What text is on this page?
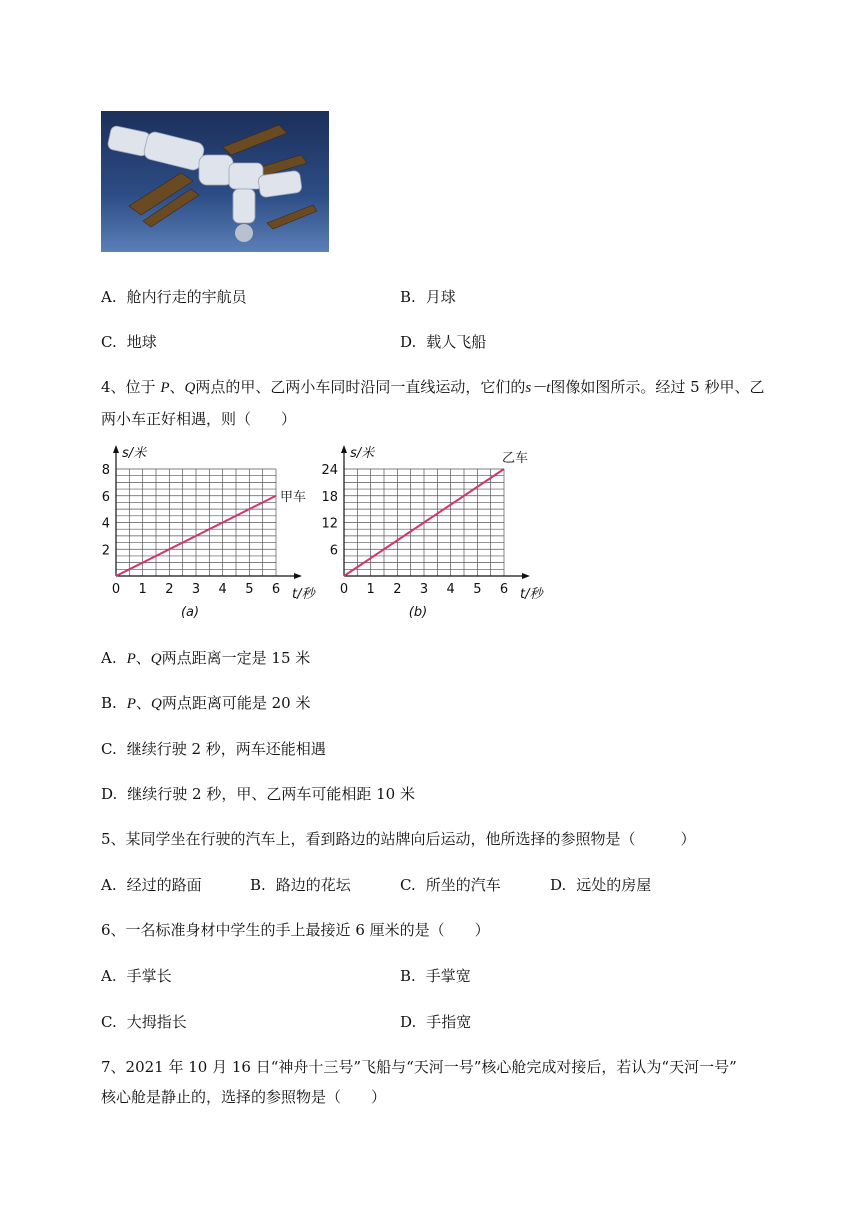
A. 舱内行走的宇航员	B. 月球
C. 地球	D. 载人飞船
4、位于 P、Q两点的甲、乙两小车同时沿同一直线运动，它们的s－t图像如图所示。经过 5 秒甲、乙
两小车正好相遇，则（　　）
0 1 2 3 4 5 6
2
4
6
8
s/米
t/秒
甲车
(a)
0 1 2 3 4 5 6
6
12
18
24
s/米
t/秒
乙车
(b)
A. P、Q两点距离一定是 15 米
B. P、Q两点距离可能是 20 米
C. 继续行驶 2 秒，两车还能相遇
D. 继续行驶 2 秒，甲、乙两车可能相距 10 米
5、某同学坐在行驶的汽车上，看到路边的站牌向后运动，他所选择的参照物是（　　　）
A. 经过的路面	B. 路边的花坛	C. 所坐的汽车	D. 远处的房屋
6、一名标准身材中学生的手上最接近 6 厘米的是（　　）
A. 手掌长	B. 手掌宽
C. 大拇指长	D. 手指宽
7、2021 年 10 月 16 日“神舟十三号”飞船与“天河一号”核心舱完成对接后，若认为“天河一号”
核心舱是静止的，选择的参照物是（　　）
